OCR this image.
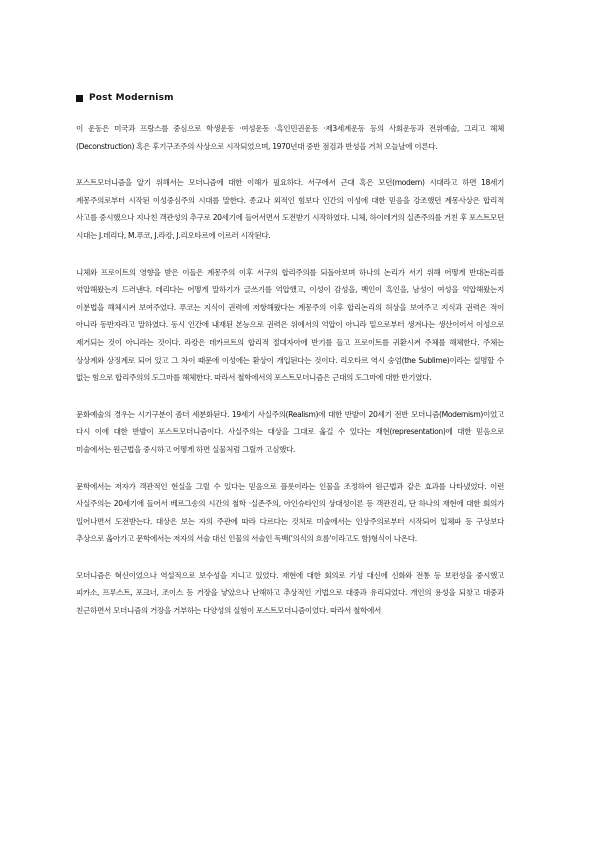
Post Modernism

이 운동은 미국과 프랑스를 중심으로 학생운동 ·여성운동 ·흑인민권운동 ·제3세계운동 등의 사회운동과 전위예술, 그리고 해체(Deconstruction) 혹은 후기구조주의 사상으로 시작되었으며, 1970년대 중반 점검과 반성을 거쳐 오늘날에 이른다.

포스트모더니즘을 알기 위해서는 모더니즘에 대한 이해가 필요하다. 서구에서 근대 혹은 모던(modern) 시대라고 하면 18세기 계몽주의로부터 시작된 이성중심주의 시대를 말한다. 종교나 외적인 힘보다 인간의 이성에 대한 믿음을 강조했던 계몽사상은 합리적 사고를 중시했으나 지나친 객관성의 추구로 20세기에 들어서면서 도전받기 시작하였다. 니체, 하이데거의 실존주의를 거친 후 포스트모던 시대는 J.데리다, M.푸코, J.라캉, J.리오타르에 이르러 시작된다.

니체와 프로이트의 영향을 받은 이들은 계몽주의 이후 서구의 합리주의를 되돌아보며 하나의 논리가 서기 위해 어떻게 반대논리를 억압해왔는지 드러낸다. 데리다는 어떻게 말하기가 글쓰기를 억압했고, 이성이 감성을, 백인이 흑인을, 남성이 여성을 억압해왔는지 이분법을 해체시켜 보여주었다. 푸코는 지식이 권력에 저항해왔다는 계몽주의 이후 합리논리의 허상을 보여주고 지식과 권력은 적이 아니라 동반자라고 말하였다. 동시 인간에 내재된 본능으로 권력은 위에서의 억압이 아니라 밑으로부터 생겨나는 생산이어서 이성으로 제거되는 것이 아니라는 것이다. 라캉은 데카르트의 합리적 절대자아에 반기를 들고 프로이트를 귀환시켜 주체를 해체한다. 주체는 상상계와 상징계로 되어 있고 그 차이 때문에 이성에는 환상이 개입된다는 것이다. 리오타르 역시 숭엄(the Sublime)이라는 설명할 수 없는 힘으로 합리주의의 도그마를 해체한다. 따라서 철학에서의 포스트모더니즘은 근대의 도그마에 대한 반기였다.

문화예술의 경우는 시기구분이 좀더 세분화된다. 19세기 사실주의(Realism)에 대한 반발이 20세기 전반 모더니즘(Modernism)이었고 다시 이에 대한 반발이 포스트모더니즘이다. 사실주의는 대상을 그대로 옮길 수 있다는 재현(representation)에 대한 믿음으로 미술에서는 원근법을 중시하고 어떻게 하면 실물처럼 그릴까 고심했다.

문학에서는 저자가 객관적인 현실을 그릴 수 있다는 믿음으로 플롯이라는 인물을 조정하여 원근법과 같은 효과를 나타냈었다. 이런 사실주의는 20세기에 들어서 베르그송의 시간의 철학 ·실존주의, 아인슈타인의 상대성이론 등 객관진리, 단 하나의 재현에 대한 회의가 일어나면서 도전받는다. 대상은 보는 자의 주관에 따라 다르다는 것처로 미술에서는 인상주의로부터 시작되어 입체파 등 구상보다 추상으로 옮아가고 문학에서는 저자의 서술 대신 인물의 서술인 독백('의식의 흐름'이라고도 함)형식이 나온다.

모더니즘은 혁신이었으나 역설적으로 보수성을 지니고 있었다. 재현에 대한 회의로 기성 대신에 신화와 전통 등 보편성을 중시했고 피카소, 프루스트, 포크너, 조이스 등 거장을 낳았으나 난해하고 추상적인 기법으로 대중과 유리되었다. 개인의 용성을 되찾고 대중과 친근하면서 모더니즘의 거장을 거부하는 다양성의 실험이 포스트모더니즘이었다. 따라서 철학에서
